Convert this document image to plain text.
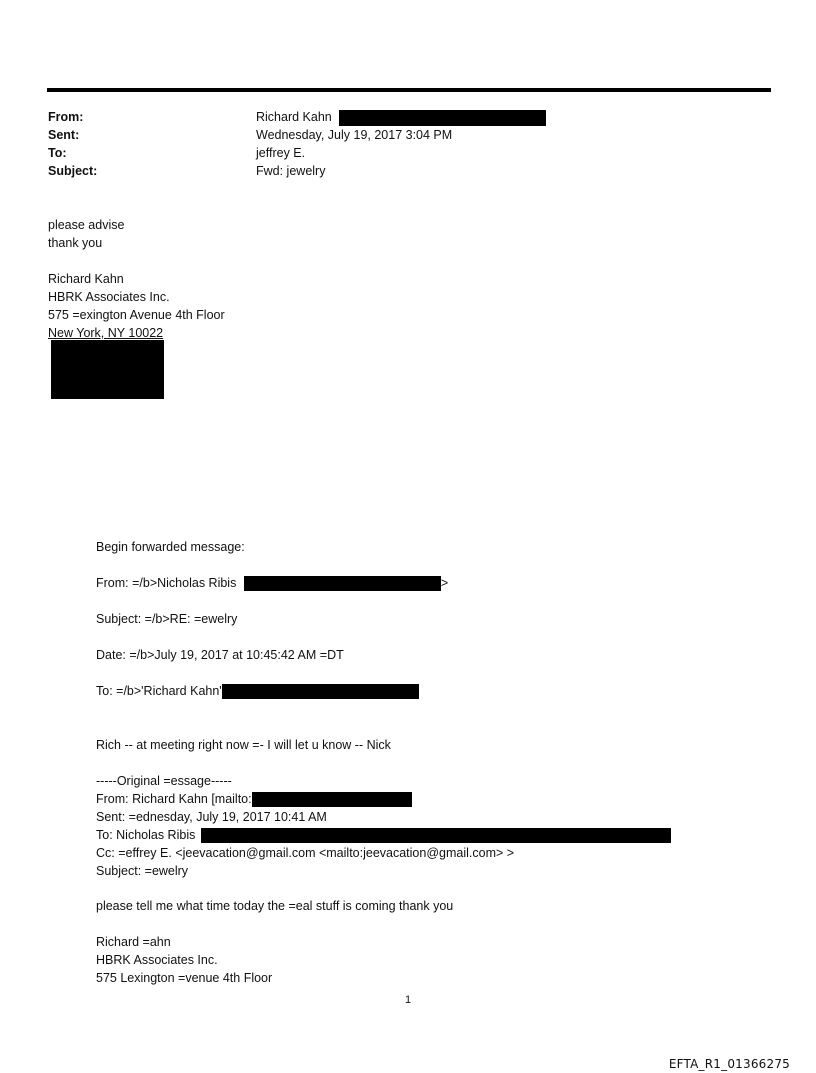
From:	Richard Kahn
Sent:	Wednesday, July 19, 2017 3:04 PM
To:	jeffrey E.
Subject:	Fwd: jewelry
please advise
thank you
Richard Kahn
HBRK Associates Inc.
575 =exington Avenue 4th Floor
New York, NY 10022
Begin forwarded message:
From: =/b>Nicholas Ribis	>
Subject: =/b>RE: =ewelry
Date: =/b>July 19, 2017 at 10:45:42 AM =DT
To: =/b>'Richard Kahn'
Rich -- at meeting right now =- I will let u know -- Nick
-----Original =essage-----
From: Richard Kahn [mailto:
Sent: =ednesday, July 19, 2017 10:41 AM
To: Nicholas Ribis
Cc: =effrey E. <jeevacation@gmail.com <mailto:jeevacation@gmail.com> >
Subject: =ewelry
please tell me what time today the =eal stuff is coming thank you
Richard =ahn
HBRK Associates Inc.
575 Lexington =venue 4th Floor
1
EFTA_R1_01366275
